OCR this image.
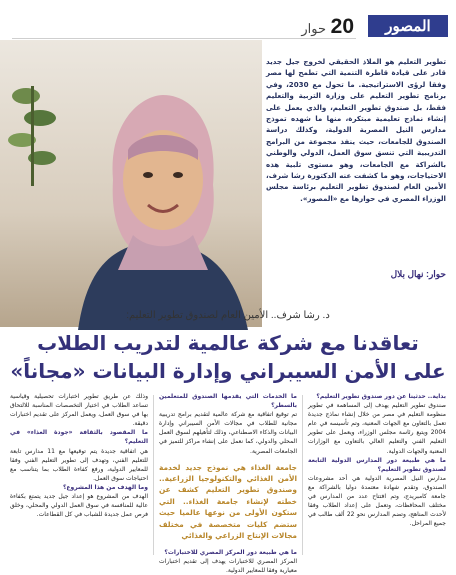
المصور
20
حوار
تطوير التعليم هو الملاذ الحقيقي لخروج جيل جديد قادر على قيادة قاطرة التنمية التي تطمح لها مصر وفقا لرؤى الاستراتيجية. ما تحول مع 2030، وفي برنامج تطوير التعليم على وزارة التربية والتعليم فقط، بل صندوق تطوير التعليم، والذي يعمل على إنشاء نماذج تعليمية مبتكرة، منها ما شهده تموذج مدارس النيل المصرية الدولية، وكذلك دراسة الصندوق للجامعات، حيث ينفذ مجموعة من البرامج التدريبية التي تنسق سوق العمل، الدولي والوطني بالشراكة مع الجامعات، وهو مستوى تلبية هذه الاحتياجات، وهو ما كشفت عنه الدكتورة رشا شرف، الأمين العام لصندوق تطوير التعليم برئاسة مجلس الوزراء المصري في حوارها مع «المصور».
حوار: نهال بلال
د. رشا شرف.. الأمين العام لصندوق تطوير التعليم:
تعاقدنا مع شركة عالمية لتدريب الطلاب
على الأمن السيبراني وإدارة البيانات «مجاناً»
بداية.. حدثينا عن دور صندوق تطوير التعليم؟
صندوق تطوير التعليم يهدف إلى المساهمة في تطوير منظومة التعليم في مصر من خلال إنشاء نماذج جديدة تعمل بالتعاون مع الجهات المعنية، وتم تأسيسه في عام 2004 ويتبع رئاسة مجلس الوزراء، ويعمل على تطوير التعليم الفني والتعليم العالي بالتعاون مع الوزارات المعنية والجهات الدولية.
ما هي طبيعة دور المدارس الدولية التابعة لصندوق تطوير التعليم؟
مدارس النيل المصرية الدولية هي أحد مشروعات الصندوق، وتقدم شهادة معتمدة دوليا بالشراكة مع جامعة كامبريدج، وتم افتتاح عدد من المدارس في مختلف المحافظات، وتعمل على إعداد الطلاب وفقا لأحدث المناهج، وتضم المدارس نحو 22 ألف طالب في جميع المراحل.
ما الخدمات التي يقدمها الصندوق للمتعلمين بالسطر؟
تم توقيع اتفاقية مع شركة عالمية لتقديم برامج تدريبية مجانية للطلاب في مجالات الأمن السيبراني وإدارة البيانات والذكاء الاصطناعي، وذلك لتأهيلهم لسوق العمل المحلي والدولي، كما نعمل على إنشاء مراكز للتميز في الجامعات المصرية.
جامعة الغذاء هي نموذج جديد لخدمة الأمن الغذائي والتكنولوجيا الزراعية.. وصندوق تطوير التعليم كشف عن خطته لإنشاء جامعة الغذاء.. التي ستكون الأولى من نوعها عالميا حيث ستضم كليات متخصصة في مختلف مجالات الإنتاج الزراعي والغذائي
ما هي طبيعة دور المركز المصري للاختبارات؟
المركز المصري للاختبارات يهدف إلى تقديم اختبارات معيارية وفقا للمعايير الدولية.
وذلك عن طريق تطوير اختبارات تحصيلية وقياسية تساعد الطلاب في اختيار التخصصات المناسبة للالتحاق بها في سوق العمل، ويعمل المركز على تقديم اختبارات دقيقة.
ما المقصود بالثقافة «جودة الغذاء» في التعليم؟
هي اتفاقية جديدة يتم توقيعها مع 11 مدارس تابعة للتعليم الفني، وتهدف إلى تطوير التعليم الفني وفقا للمعايير الدولية، ورفع كفاءة الطلاب بما يتناسب مع احتياجات سوق العمل.
وما الهدف من هذا المشروع؟
الهدف من المشروع هو إعداد جيل جديد يتمتع بكفاءة عالية للمنافسة في سوق العمل الدولي والمحلي، وخلق فرص عمل جديدة للشباب في كل القطاعات.
